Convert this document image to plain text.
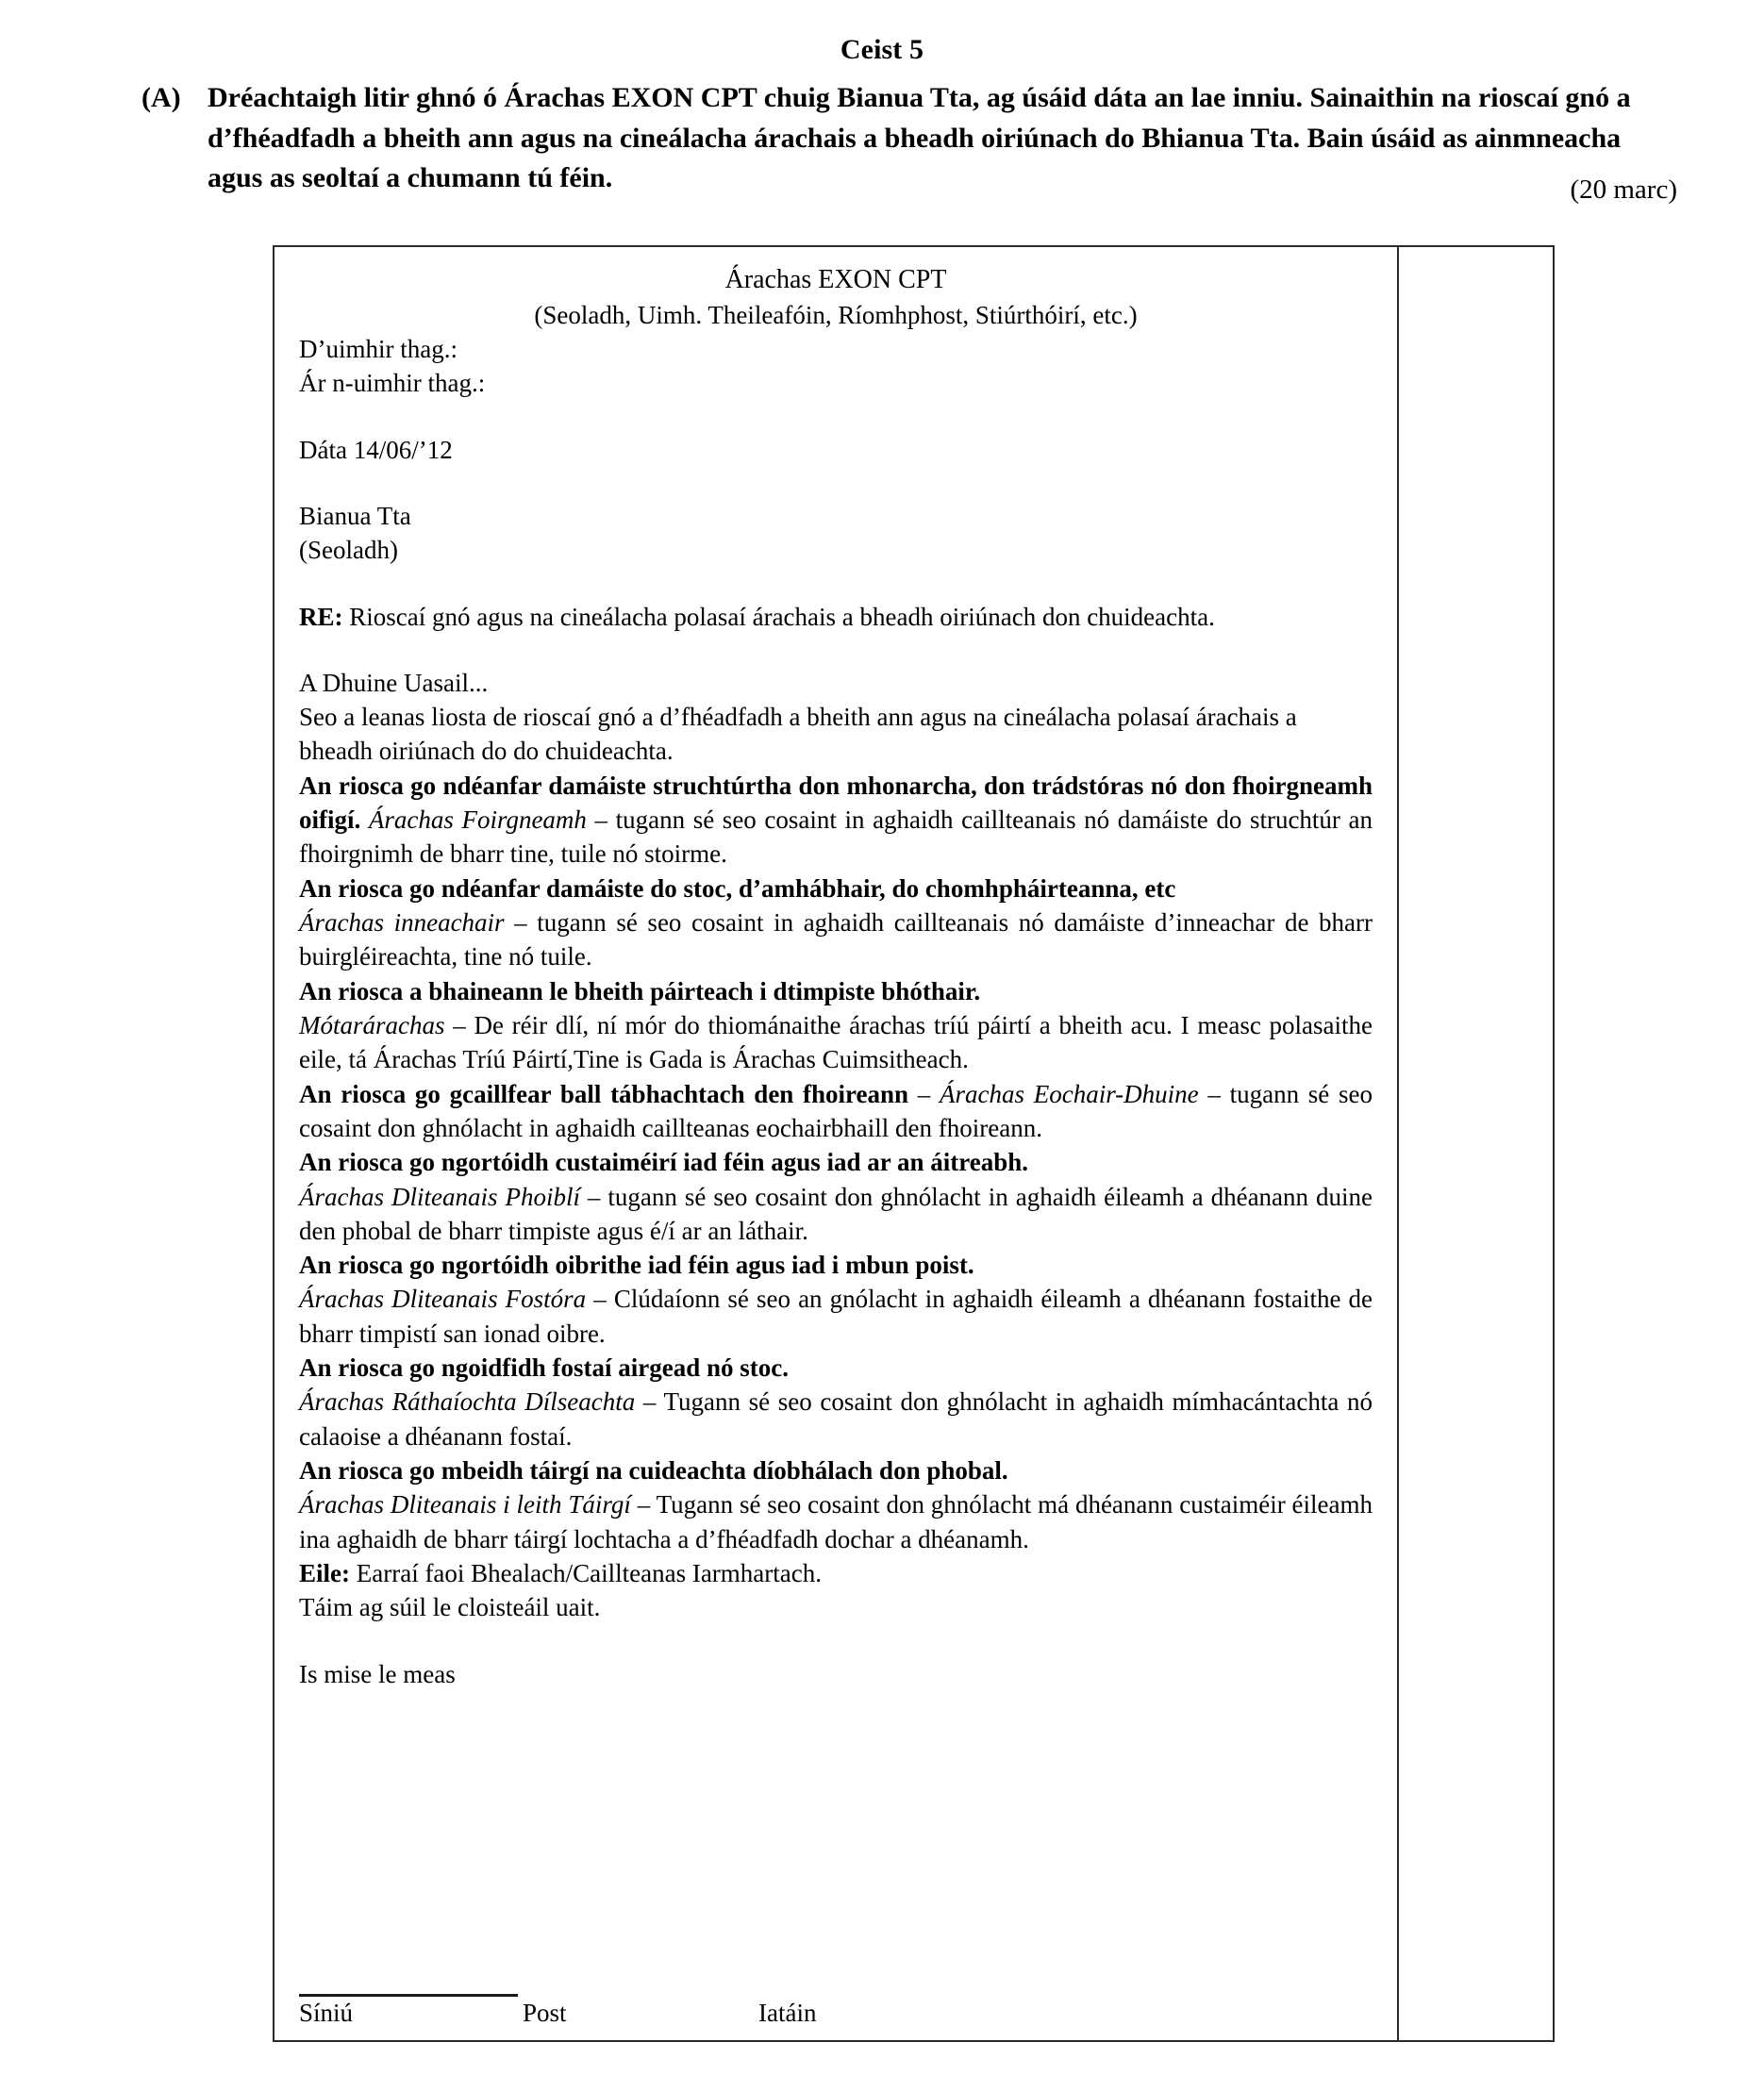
Ceist 5
(A) Dréachtaigh litir ghnó ó Árachas EXON CPT chuig Bianua Tta, ag úsáid dáta an lae inniu. Sainaithin na rioscaí gnó a d’fhéadfadh a bheith ann agus na cineálacha árachais a bheadh oiriúnach do Bhianua Tta. Bain úsáid as ainmneacha agus as seoltaí a chumann tú féin.	(20 marc)

Árachas EXON CPT

(Seoladh, Uimh. Theileafóin, Ríomhphost, Stiúrthóirí, etc.)

D’uimhir thag.:

Ár n-uimhir thag.:

Dáta 14/06/’12

Bianua Tta

(Seoladh)

RE: Rioscaí gnó agus na cineálacha polasaí árachais a bheadh oiriúnach don chuideachta.

A Dhuine Uasail...

Seo a leanas liosta de rioscaí gnó a d’fhéadfadh a bheith ann agus na cineálacha polasaí árachais a bheadh oiriúnach do do chuideachta.

An riosca go ndéanfar damáiste struchtúrtha don mhonarcha, don trádstóras nó don fhoirgneamh oifigí. Árachas Foirgneamh – tugann sé seo cosaint in aghaidh caillteanais nó damáiste do struchtúr an fhoirgnimh de bharr tine, tuile nó stoirme.

An riosca go ndéanfar damáiste do stoc, d’amhábhair, do chomhpháirteanna, etc
Árachas inneachair – tugann sé seo cosaint in aghaidh caillteanais nó damáiste d’inneachar de bharr buirgléireachta, tine nó tuile.

An riosca a bhaineann le bheith páirteach i dtimpiste bhóthair.
Mótarárachas – De réir dlí, ní mór do thiománaithe árachas tríú páirtí a bheith acu. I measc polasaithe eile, tá Árachas Tríú Páirtí,Tine is Gada is Árachas Cuimsitheach.

An riosca go gcaillfear ball tábhachtach den fhoireann – Árachas Eochair-Dhuine – tugann sé seo cosaint don ghnólacht in aghaidh caillteanas eochairbhaill den fhoireann.

An riosca go ngortóidh custaiméirí iad féin agus iad ar an áitreabh.
Árachas Dliteanais Phoiblí – tugann sé seo cosaint don ghnólacht in aghaidh éileamh a dhéanann duine den phobal de bharr timpiste agus é/í ar an láthair.

An riosca go ngortóidh oibrithe iad féin agus iad i mbun poist.
Árachas Dliteanais Fostóra – Clúdaíonn sé seo an gnólacht in aghaidh éileamh a dhéanann fostaithe de bharr timpistí san ionad oibre.

An riosca go ngoidfidh fostaí airgead nó stoc.
Árachas Ráthaíochta Dílseachta – Tugann sé seo cosaint don ghnólacht in aghaidh mímhacántachta nó calaoise a dhéanann fostaí.

An riosca go mbeidh táirgí na cuideachta díobhálach don phobal.
Árachas Dliteanais i leith Táirgí – Tugann sé seo cosaint don ghnólacht má dhéanann custaiméir éileamh ina aghaidh de bharr táirgí lochtacha a d’fhéadfadh dochar a dhéanamh.

Eile: Earraí faoi Bhealach/Caillteanas Iarmhartach.

Táim ag súil le cloisteáil uait.

Is mise le meas

Síniú	Post	Iatáin
